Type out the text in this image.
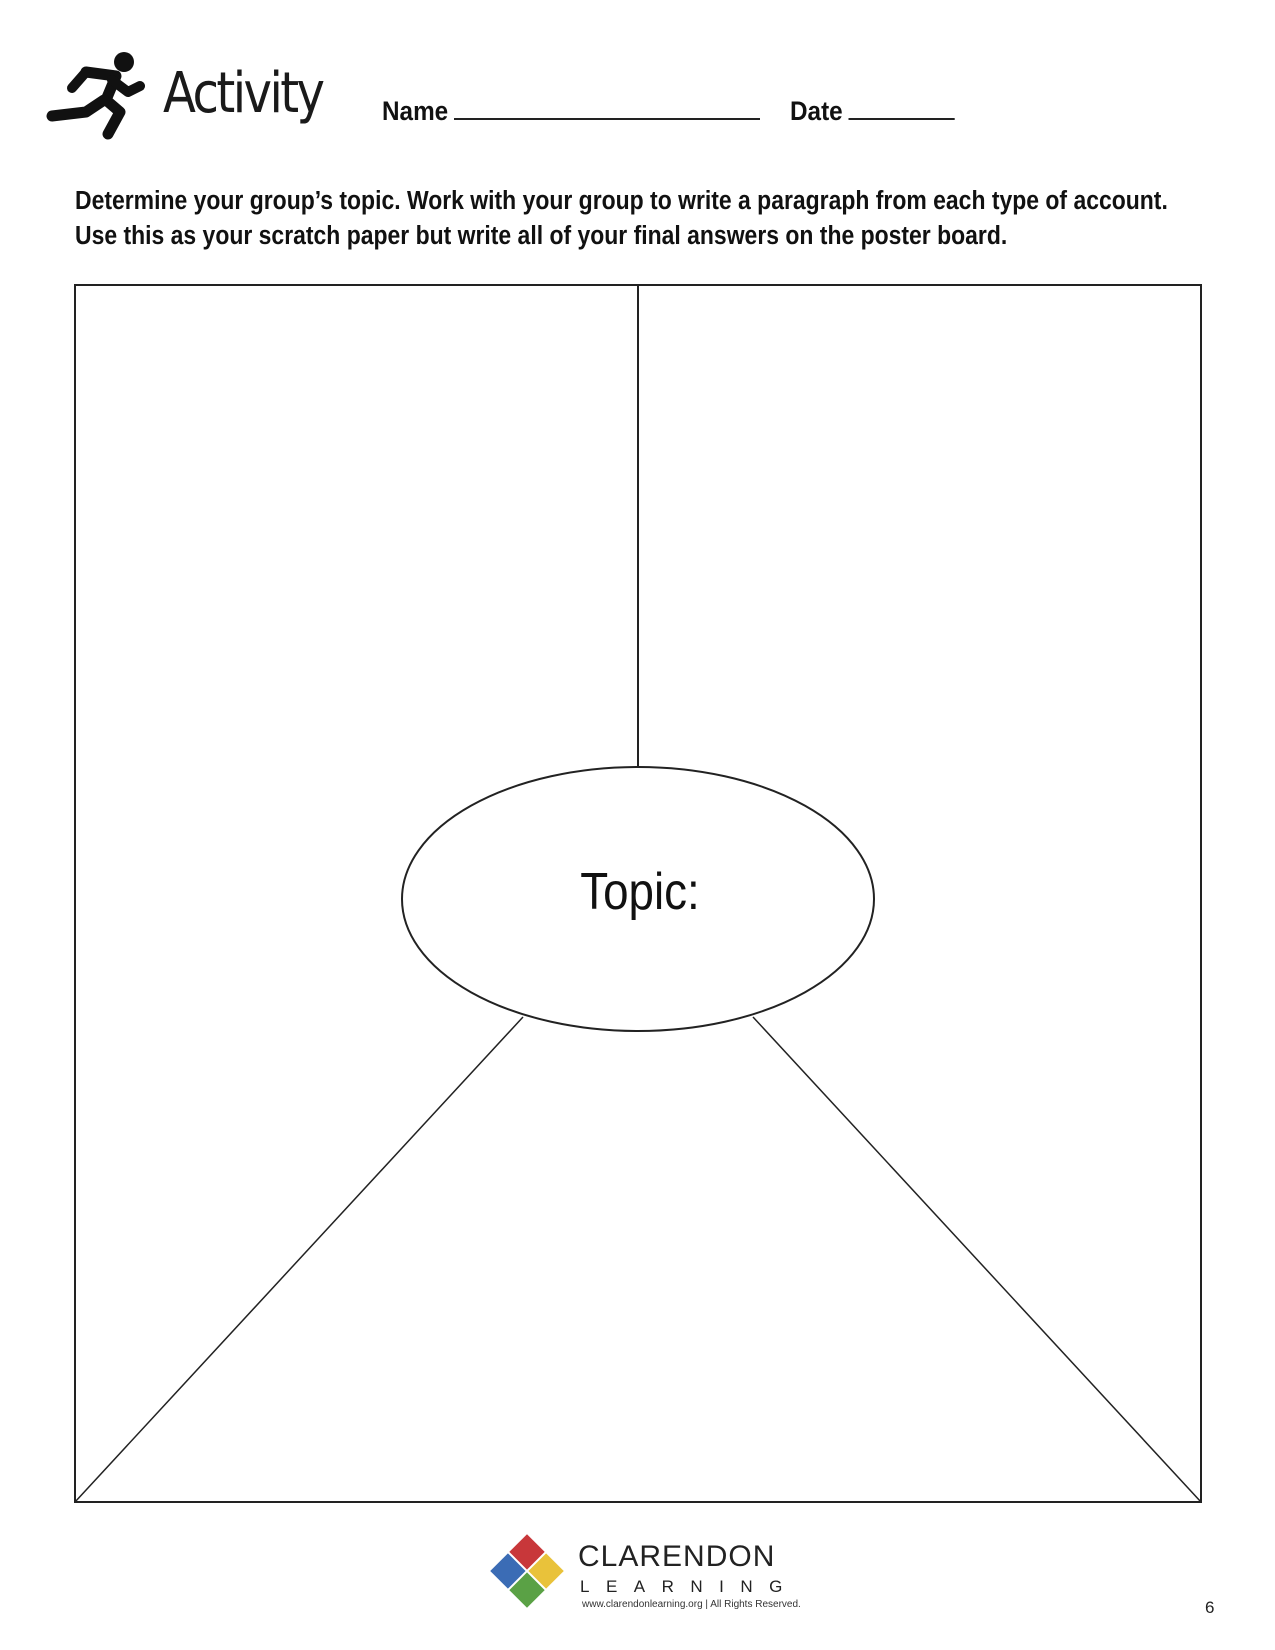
Activity Name	Date
Determine your group’s topic. Work with your group to write a paragraph from each type of account.
Use this as your scratch paper but write all of your final answers on the poster board.
Topic:
CLARENDON
LEARNING
www.clarendonlearning.org | All Rights Reserved.	6
